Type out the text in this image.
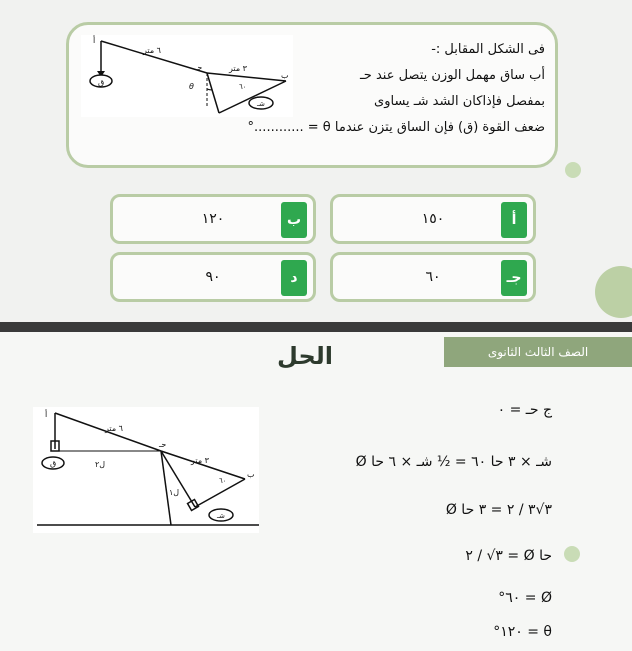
فى الشكل المقابل :-
أب ساق مهمل الوزن يتصل عند حـ
بمفصل فإذاكان الشد شـ يساوى
ضعف القوة (ق) فإن الساق يتزن عندما θ = ............°
ق
أ
ب
حـ
٦ متر
٣ متر
θ	٦٠
شـ
ب
١٢٠	أ
١٥٠
د
٩٠	جـ
٦٠
الصف الثالث الثانوى
الحل
ق
أ
ل٢
ب
حـ
٦ متر
٣ متر
ل١
٦٠
شـ
ج حـ = ٠
شـ × ٣ حا ٦٠ = ½ شـ × ٦ حا Ø
٣√٣ / ٢ = ٣ حا Ø
حا Ø = ٣√ / ٢
Ø = ٦٠°
θ = ١٢٠°
